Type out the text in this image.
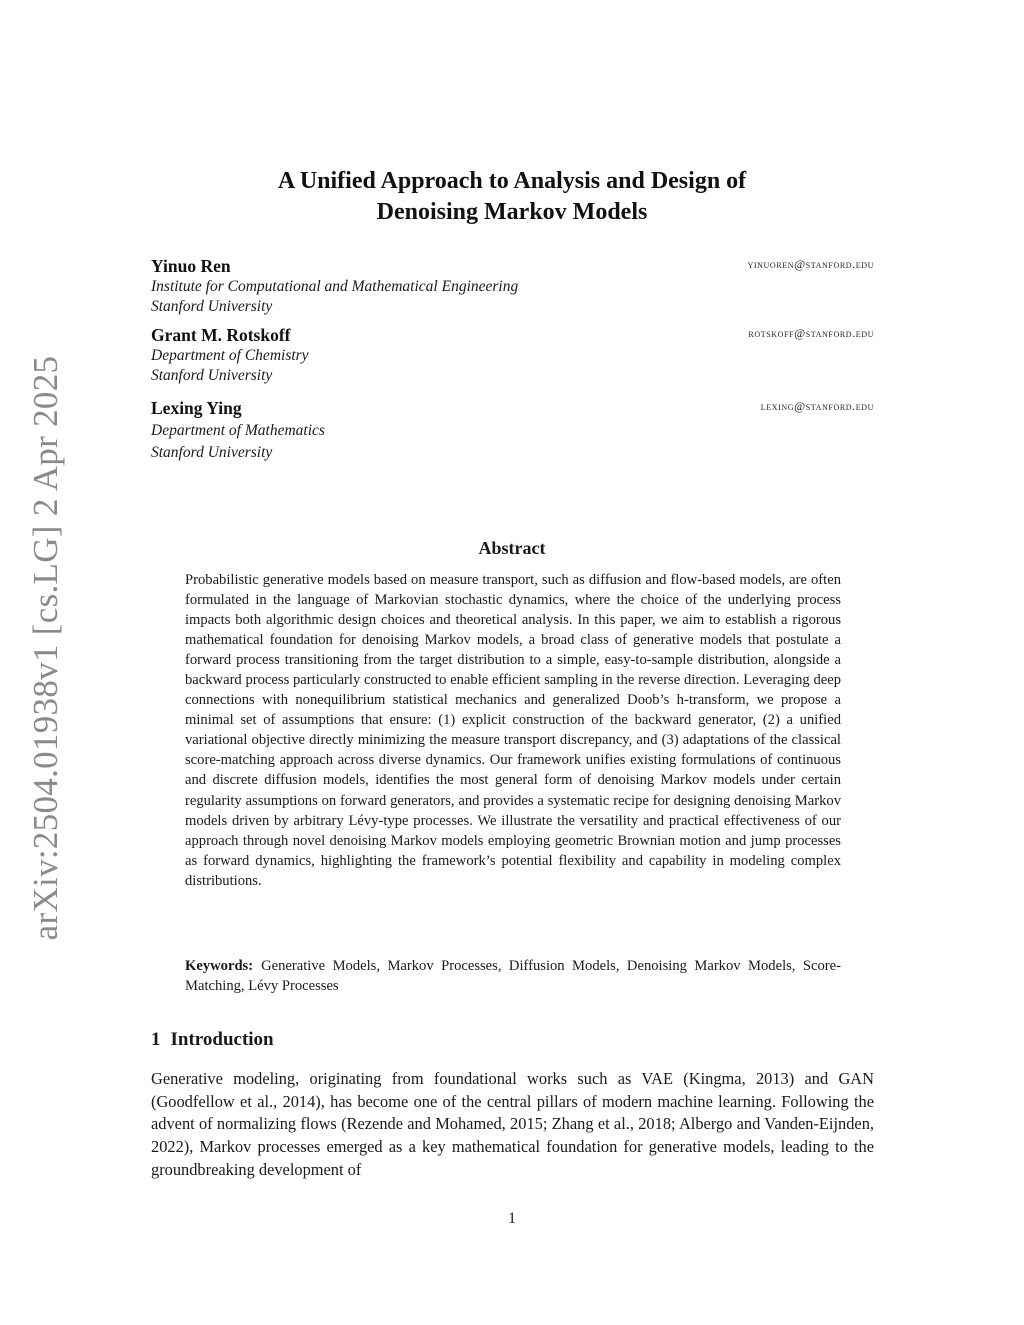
arXiv:2504.01938v1 [cs.LG] 2 Apr 2025
A Unified Approach to Analysis and Design of
Denoising Markov Models
Yinuo Ren	yinuoren@stanford.edu
Institute for Computational and Mathematical Engineering
Stanford University
Grant M. Rotskoff	rotskoff@stanford.edu
Department of Chemistry
Stanford University
Lexing Ying	lexing@stanford.edu
Department of Mathematics
Stanford University
Abstract
Probabilistic generative models based on measure transport, such as diffusion and flow-based models, are often formulated in the language of Markovian stochastic dynamics, where the choice of the underlying process impacts both algorithmic design choices and theoretical analysis. In this paper, we aim to establish a rigorous mathematical foundation for denoising Markov models, a broad class of generative models that postulate a forward process transitioning from the target distribution to a simple, easy-to-sample distribution, alongside a backward process particularly constructed to enable efficient sampling in the reverse direction. Leveraging deep connections with nonequilibrium statistical mechanics and generalized Doob’s h-transform, we propose a minimal set of assumptions that ensure: (1) explicit construction of the backward generator, (2) a unified variational objective directly minimizing the measure transport discrepancy, and (3) adaptations of the classical score-matching approach across diverse dynamics. Our framework unifies existing formulations of continuous and discrete diffusion models, identifies the most general form of denoising Markov models under certain regularity assumptions on forward generators, and provides a systematic recipe for designing denoising Markov models driven by arbitrary Lévy-type processes. We illustrate the versatility and practical effectiveness of our approach through novel denoising Markov models employing geometric Brownian motion and jump processes as forward dynamics, highlighting the framework’s potential flexibility and capability in modeling complex distributions.
Keywords: Generative Models, Markov Processes, Diffusion Models, Denoising Markov Models, Score-Matching, Lévy Processes
1 Introduction
Generative modeling, originating from foundational works such as VAE (Kingma, 2013) and GAN (Goodfellow et al., 2014), has become one of the central pillars of modern machine learning. Following the advent of normalizing flows (Rezende and Mohamed, 2015; Zhang et al., 2018; Albergo and Vanden-Eijnden, 2022), Markov processes emerged as a key mathematical foundation for generative models, leading to the groundbreaking development of
1
